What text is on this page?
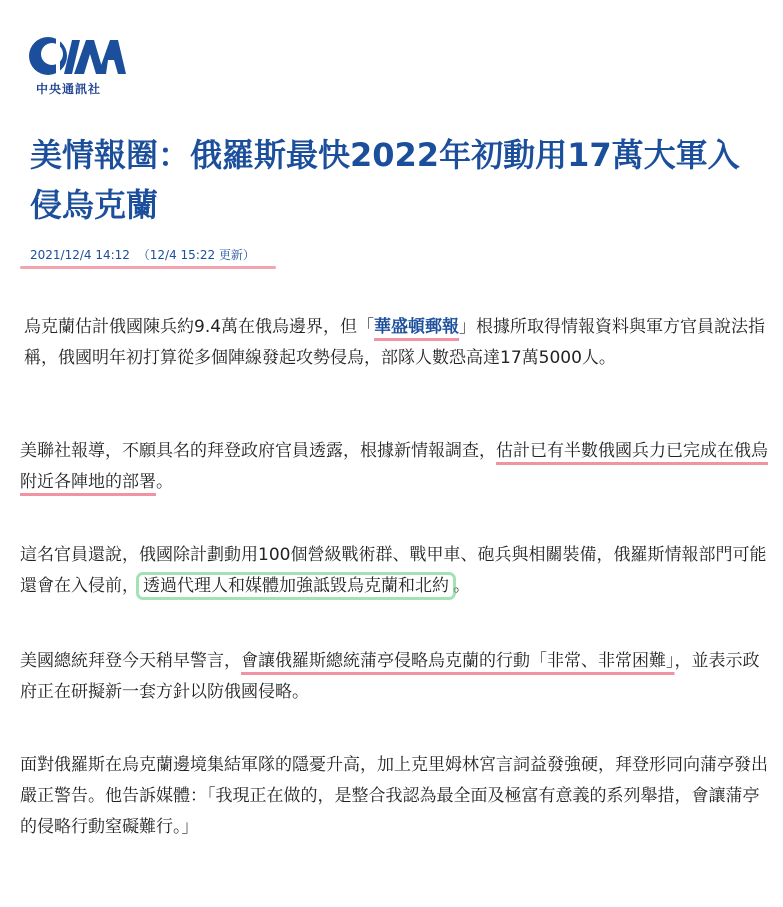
中央通訊社
美情報圈：俄羅斯最快2022年初動用17萬大軍入侵烏克蘭
2021/12/4 14:12 （12/4 15:22 更新）

烏克蘭估計俄國陳兵約9.4萬在俄烏邊界，但「華盛頓郵報」根據所取得情報資料與軍方官員說法指稱，俄國明年初打算從多個陣線發起攻勢侵烏，部隊人數恐高達17萬5000人。

美聯社報導，不願具名的拜登政府官員透露，根據新情報調查，估計已有半數俄國兵力已完成在俄烏附近各陣地的部署。

這名官員還說，俄國除計劃動用100個營級戰術群、戰甲車、砲兵與相關裝備，俄羅斯情報部門可能還會在入侵前， 透過代理人和媒體加強詆毀烏克蘭和北約 。

美國總統拜登今天稍早警言，會讓俄羅斯總統蒲亭侵略烏克蘭的行動「非常、非常困難」，並表示政府正在研擬新一套方針以防俄國侵略。

面對俄羅斯在烏克蘭邊境集結軍隊的隱憂升高，加上克里姆林宮言詞益發強硬，拜登形同向蒲亭發出嚴正警告。他告訴媒體：「我現正在做的，是整合我認為最全面及極富有意義的系列舉措，會讓蒲亭的侵略行動窒礙難行。」
